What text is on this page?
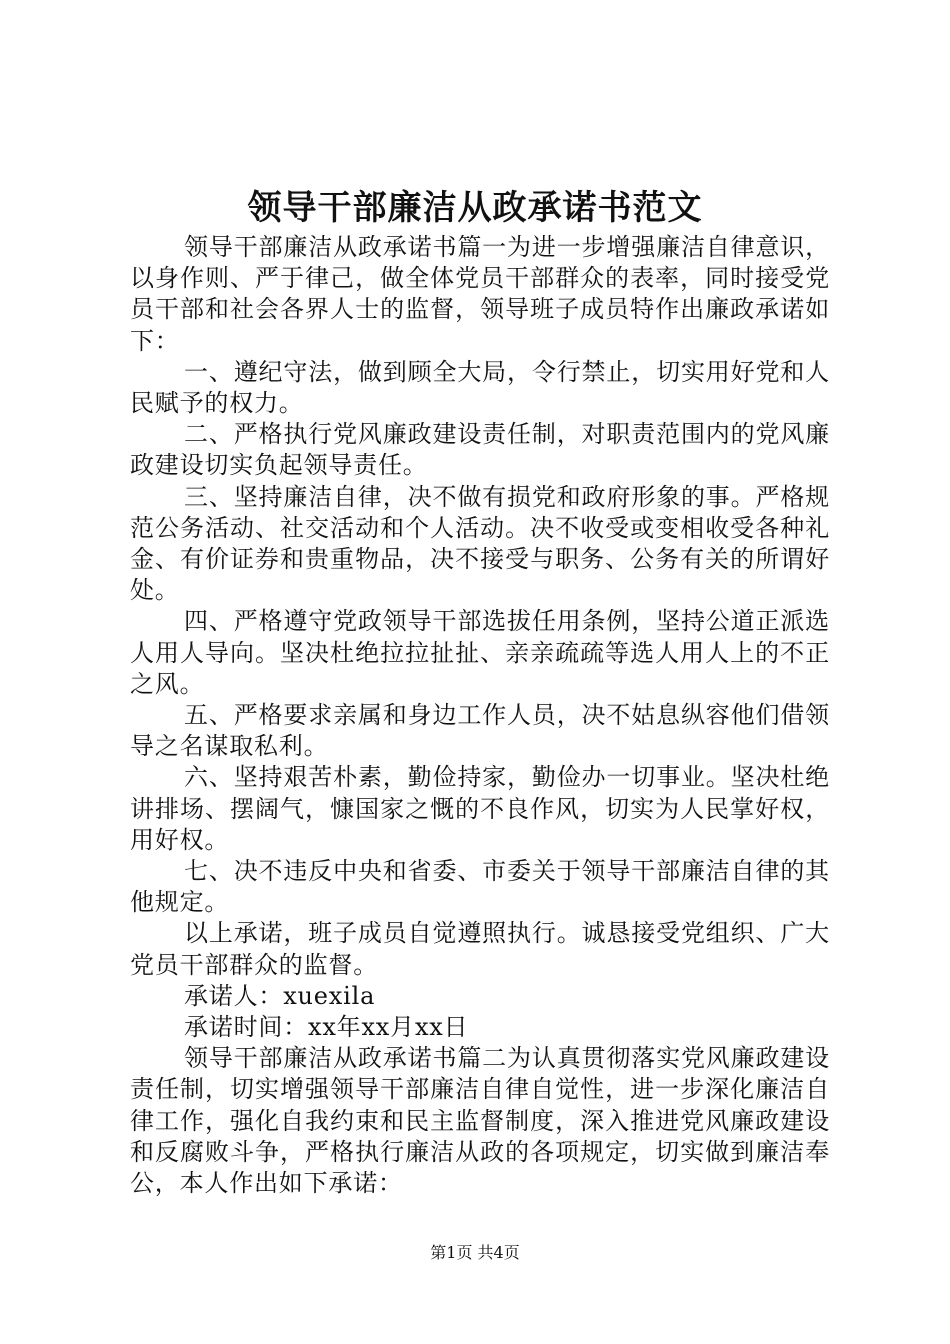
领导干部廉洁从政承诺书范文

领导干部廉洁从政承诺书篇一为进一步增强廉洁自律意识，以身作则、严于律己，做全体党员干部群众的表率，同时接受党员干部和社会各界人士的监督，领导班子成员特作出廉政承诺如下：

一、遵纪守法，做到顾全大局，令行禁止，切实用好党和人民赋予的权力。

二、严格执行党风廉政建设责任制，对职责范围内的党风廉政建设切实负起领导责任。

三、坚持廉洁自律，决不做有损党和政府形象的事。严格规范公务活动、社交活动和个人活动。决不收受或变相收受各种礼金、有价证券和贵重物品，决不接受与职务、公务有关的所谓好处。

四、严格遵守党政领导干部选拔任用条例，坚持公道正派选人用人导向。坚决杜绝拉拉扯扯、亲亲疏疏等选人用人上的不正之风。

五、严格要求亲属和身边工作人员，决不姑息纵容他们借领导之名谋取私利。

六、坚持艰苦朴素，勤俭持家，勤俭办一切事业。坚决杜绝讲排场、摆阔气，慷国家之慨的不良作风，切实为人民掌好权，用好权。

七、决不违反中央和省委、市委关于领导干部廉洁自律的其他规定。

以上承诺，班子成员自觉遵照执行。诚恳接受党组织、广大党员干部群众的监督。

承诺人：xuexila

承诺时间：xx年xx月xx日

领导干部廉洁从政承诺书篇二为认真贯彻落实党风廉政建设责任制，切实增强领导干部廉洁自律自觉性，进一步深化廉洁自律工作，强化自我约束和民主监督制度，深入推进党风廉政建设和反腐败斗争，严格执行廉洁从政的各项规定，切实做到廉洁奉公，本人作出如下承诺：

第1页 共4页
